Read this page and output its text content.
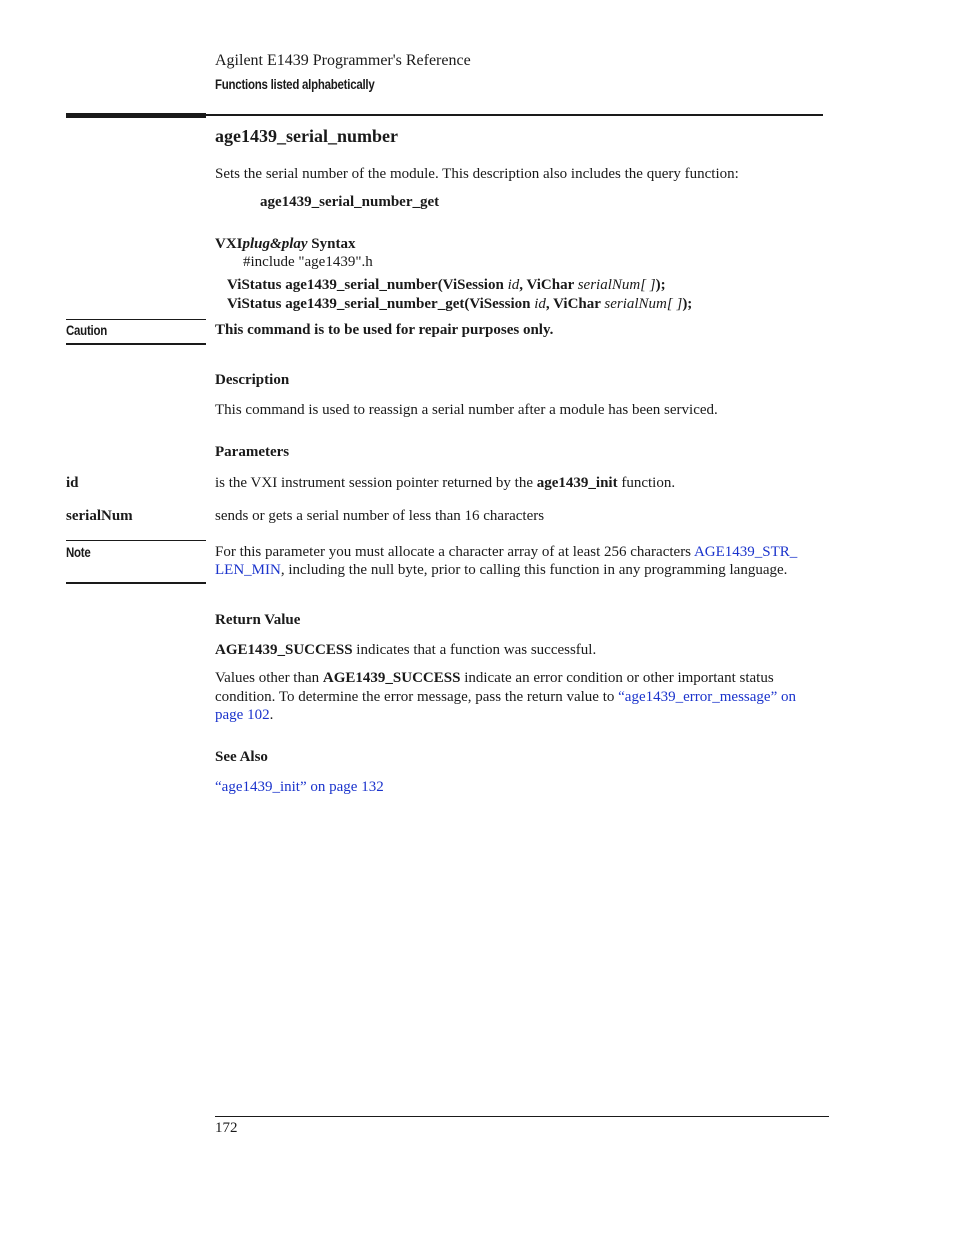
Agilent E1439 Programmer's Reference
Functions listed alphabetically
age1439_serial_number
Sets the serial number of the module. This description also includes the query function:
age1439_serial_number_get
VXIplug&play Syntax
#include "age1439".h
ViStatus age1439_serial_number(ViSession id, ViChar serialNum[ ]);
ViStatus age1439_serial_number_get(ViSession id, ViChar serialNum[ ]);
Caution	This command is to be used for repair purposes only.
Description
This command is used to reassign a serial number after a module has been serviced.
Parameters
id	is the VXI instrument session pointer returned by the age1439_init function.
serialNum	sends or gets a serial number of less than 16 characters
Note	For this parameter you must allocate a character array of at least 256 characters AGE1439_STR_
LEN_MIN, including the null byte, prior to calling this function in any programming language.
Return Value
AGE1439_SUCCESS indicates that a function was successful.
Values other than AGE1439_SUCCESS indicate an error condition or other important status
condition. To determine the error message, pass the return value to “age1439_error_message” on
page 102.
See Also
“age1439_init” on page 132
172
